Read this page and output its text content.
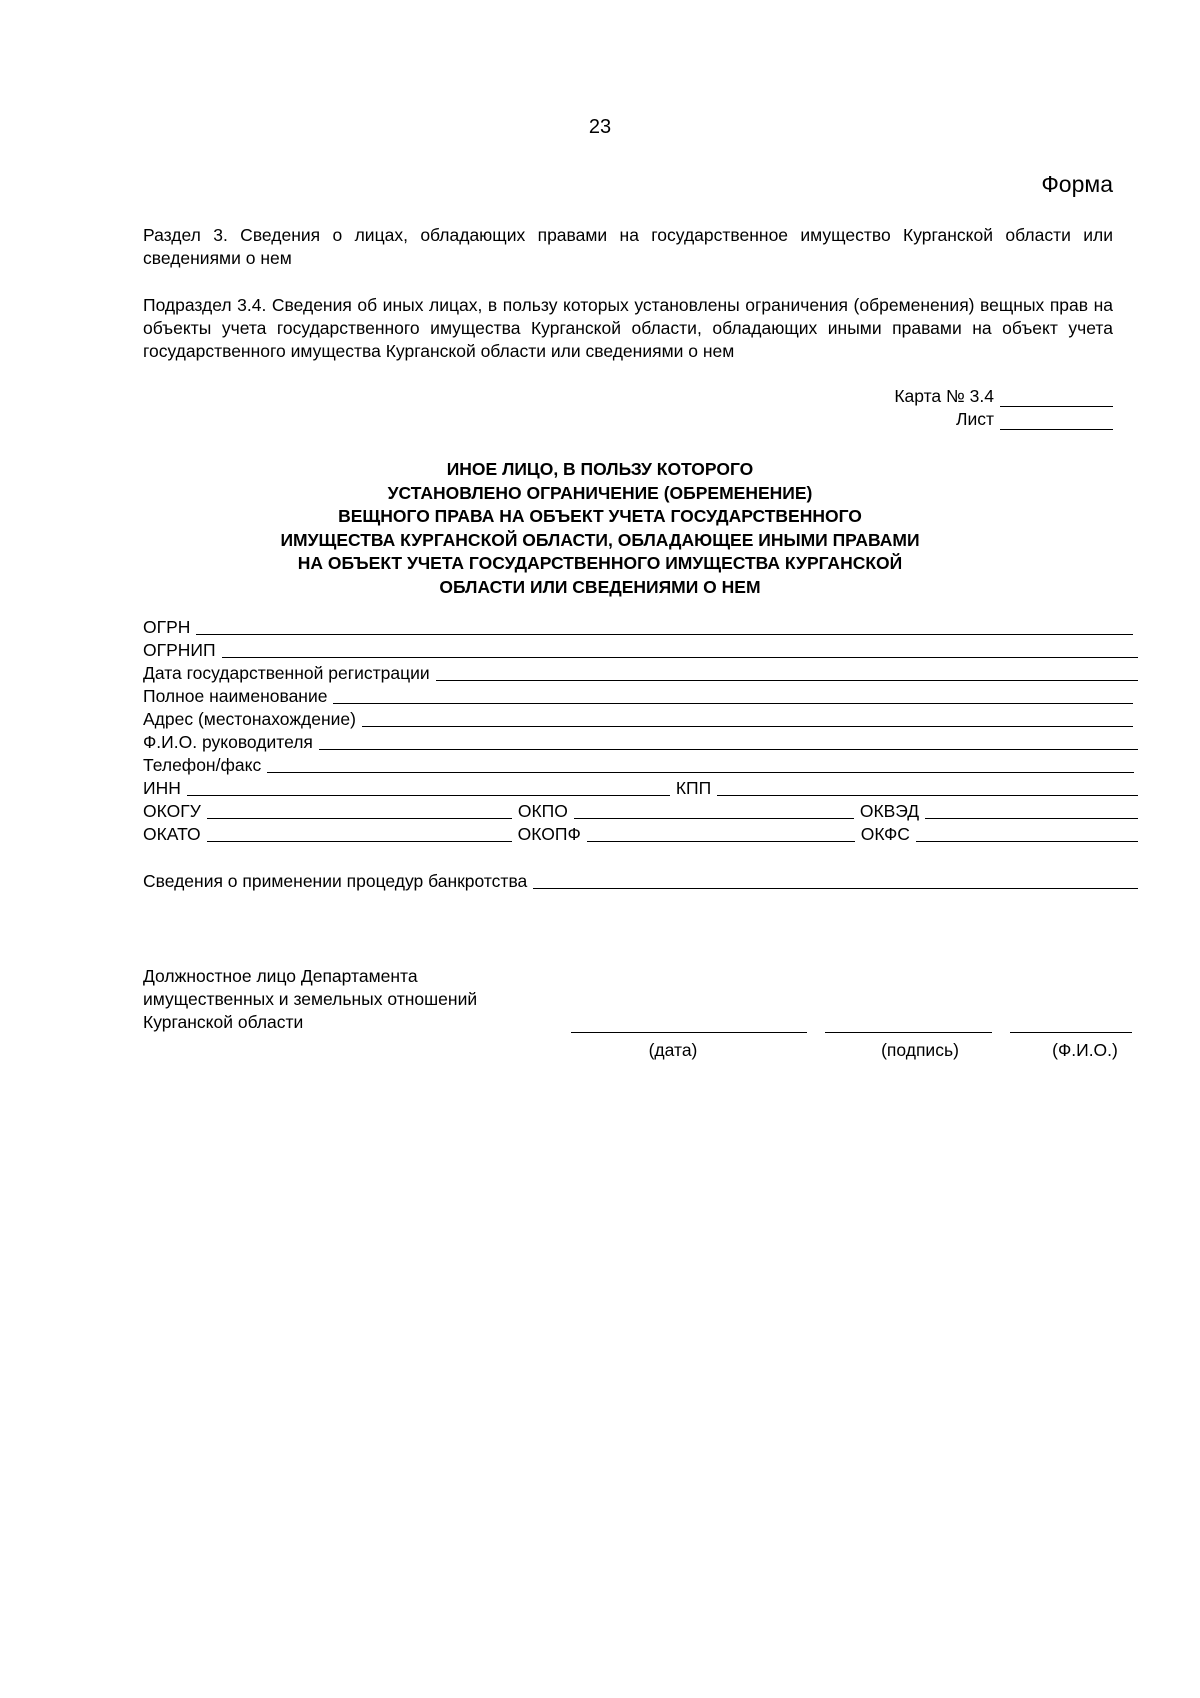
23
Форма
Раздел 3. Сведения о лицах, обладающих правами на государственное имущество Курганской области или сведениями о нем
Подраздел 3.4. Сведения об иных лицах, в пользу которых установлены ограничения (обременения) вещных прав на объекты учета государственного имущества Курганской области, обладающих иными правами на объект учета государственного имущества Курганской области или сведениями о нем
Карта № 3.4
Лист
ИНОЕ ЛИЦО, В ПОЛЬЗУ КОТОРОГО
УСТАНОВЛЕНО ОГРАНИЧЕНИЕ (ОБРЕМЕНЕНИЕ)
ВЕЩНОГО ПРАВА НА ОБЪЕКТ УЧЕТА ГОСУДАРСТВЕННОГО
ИМУЩЕСТВА КУРГАНСКОЙ ОБЛАСТИ, ОБЛАДАЮЩЕЕ ИНЫМИ ПРАВАМИ
НА ОБЪЕКТ УЧЕТА ГОСУДАРСТВЕННОГО ИМУЩЕСТВА КУРГАНСКОЙ
ОБЛАСТИ ИЛИ СВЕДЕНИЯМИ О НЕМ
ОГРН
ОГРНИП
Дата государственной регистрации
Полное наименование
Адрес (местонахождение)
Ф.И.О. руководителя
Телефон/факс
ИНН	КПП
ОКОГУ	ОКПО	ОКВЭД
ОКАТО	ОКОПФ	ОКФС
Сведения о применении процедур банкротства
Должностное лицо Департамента
имущественных и земельных отношений
Курганской области
(дата)	(подпись)	(Ф.И.О.)
